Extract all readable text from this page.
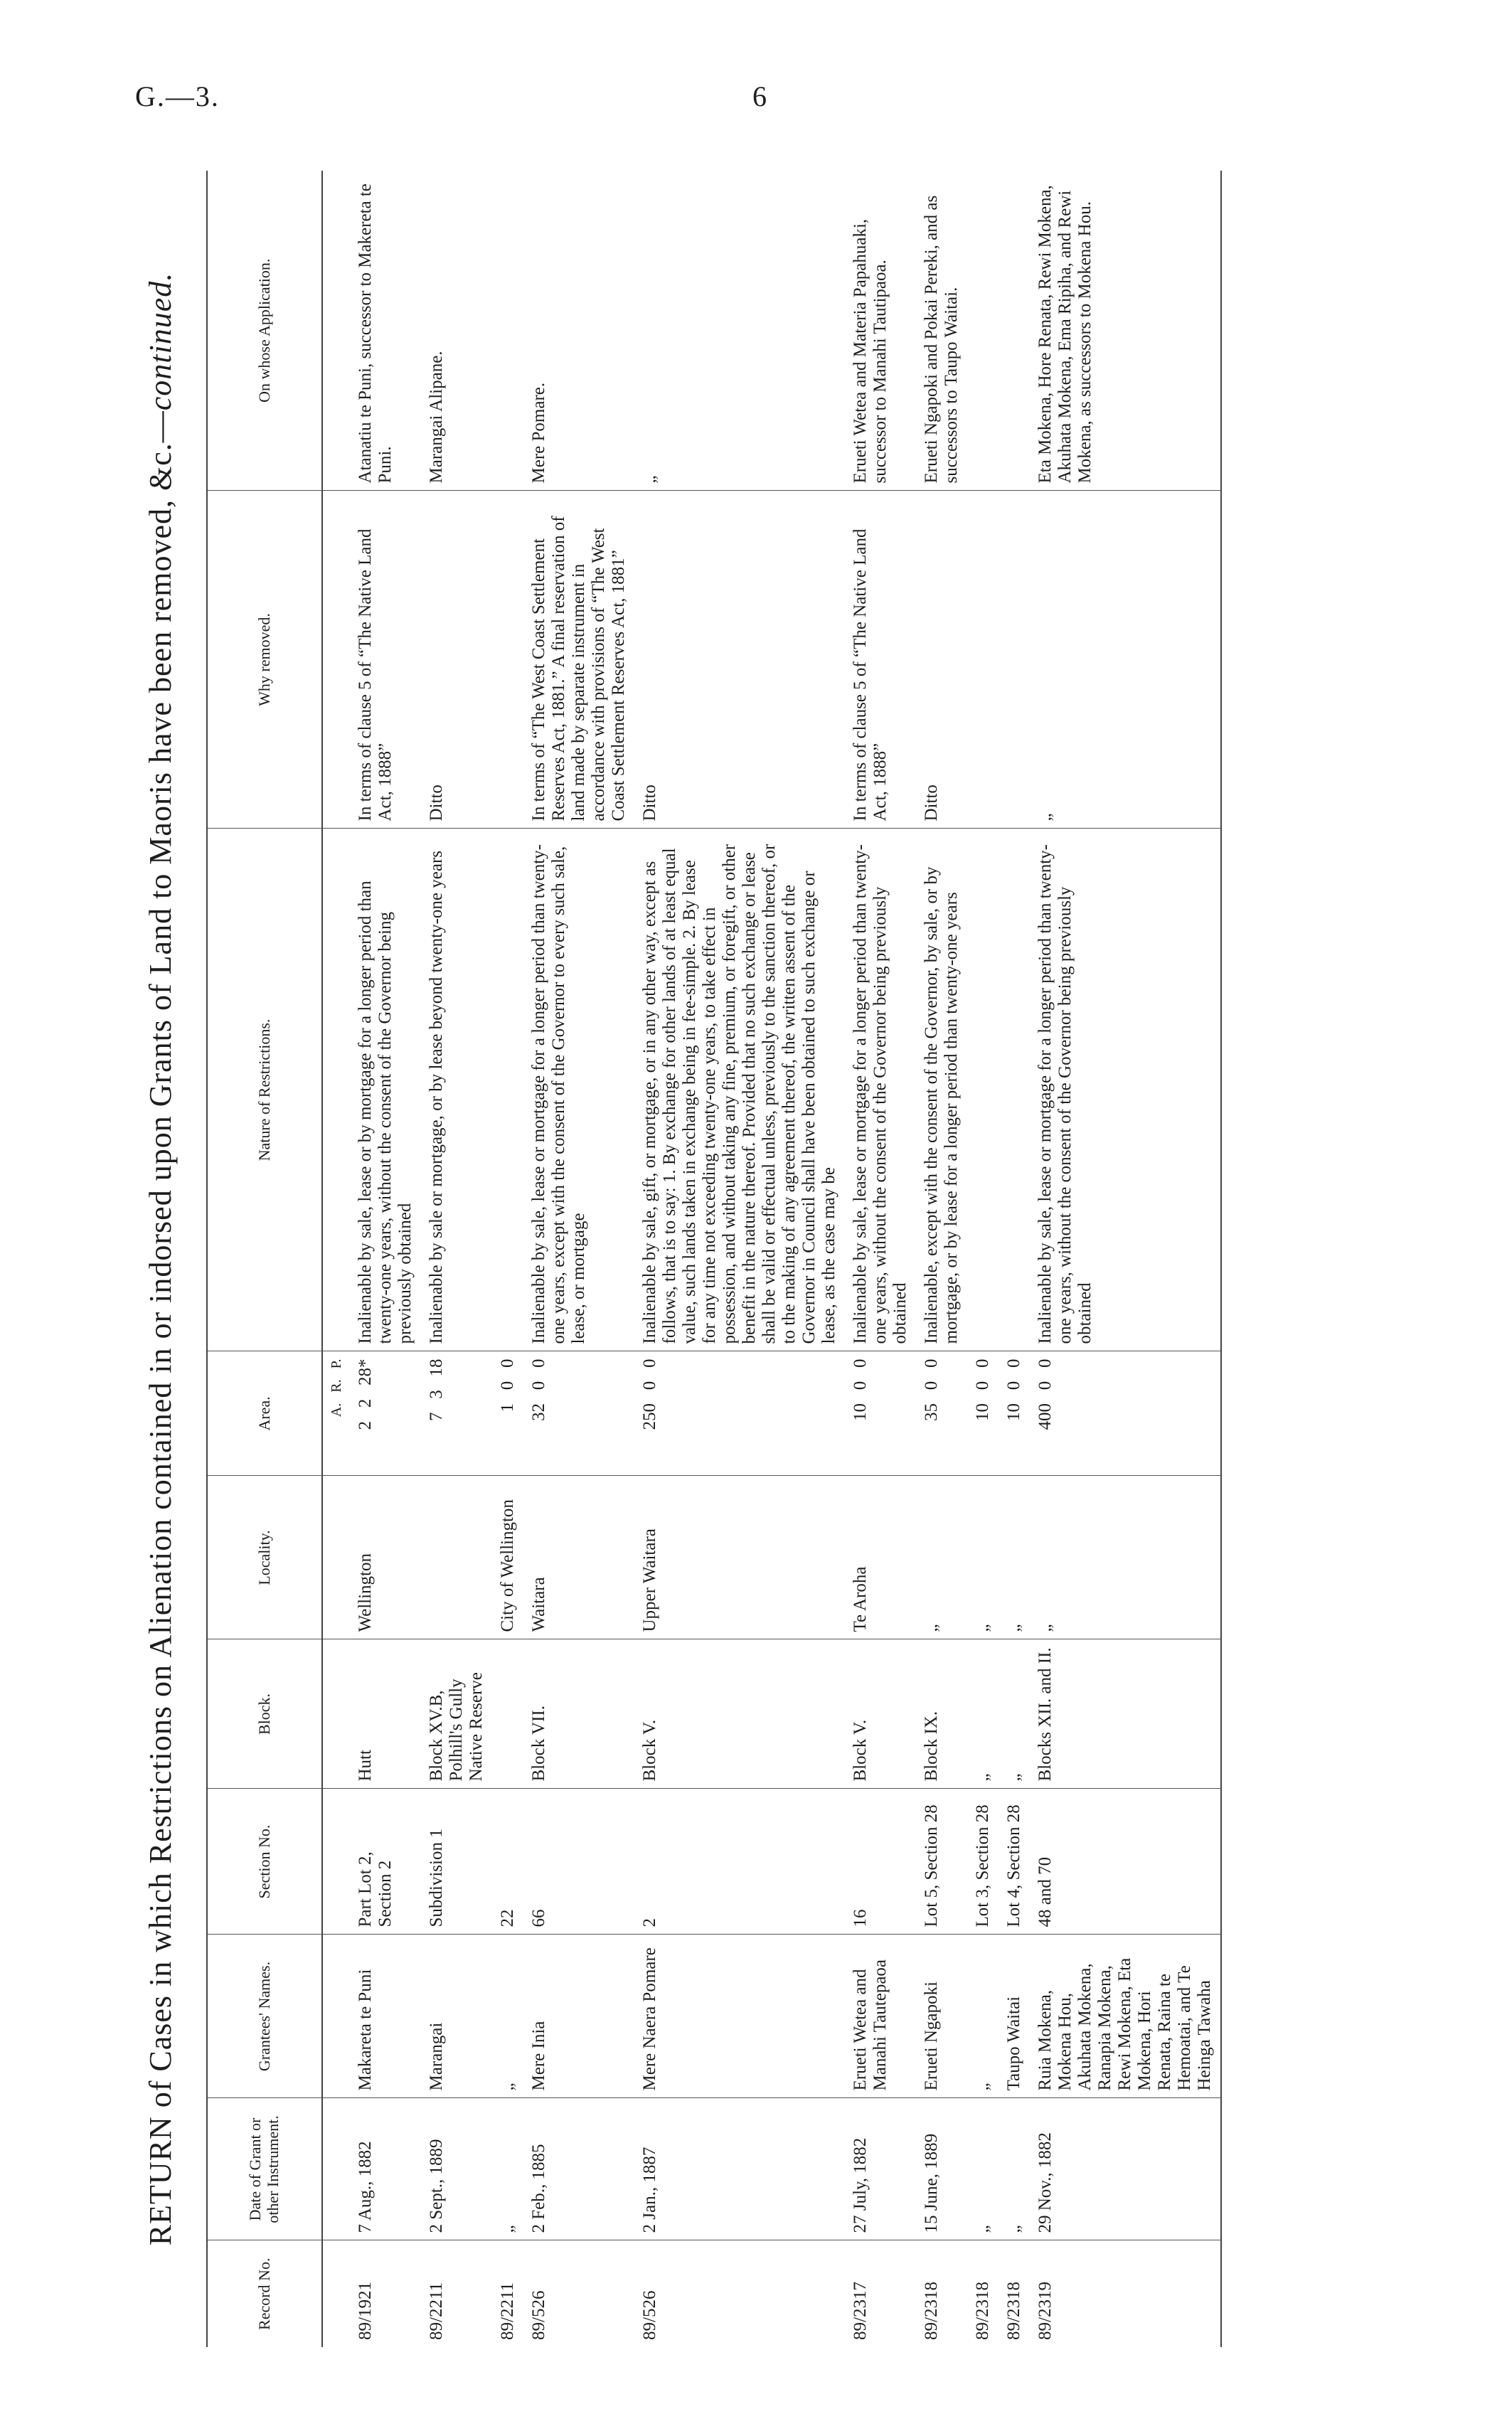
G.—3.	6
RETURN of Cases in which Restrictions on Alienation contained in or indorsed upon Grants of Land to Maoris have been removed, &c.—continued.
Record No.	Date of Grant or other Instrument.	Grantees' Names.	Section No.	Block.	Locality.	Area.	Nature of Restrictions.	Why removed.	On whose Application.
						A.   R.   P.			
89/1921	7 Aug., 1882	Makareta te Puni	Part Lot 2, Section 2	Hutt	Wellington	2   2   28*	Inalienable by sale, lease or by mortgage for a longer period than twenty-one years, without the consent of the Governor being previously obtained	In terms of clause 5 of “The Native Land Act, 1888”	Atanatiu te Puni, successor to Makereta te Puni.
89/2211	2 Sept., 1889	Marangai	Subdivision 1	Block XV.B, Polhill's Gully Native Reserve		7   3   18	Inalienable by sale or mortgage, or by lease beyond twenty-one years	Ditto	Marangai Alipane.
89/2211	„	„	22		City of Wellington	1   0   0			
89/526	2 Feb., 1885	Mere Inia	66	Block VII.	Waitara	32   0   0	Inalienable by sale, lease or mortgage for a longer period than twenty-one years, except with the consent of the Governor to every such sale, lease, or mortgage	In terms of “The West Coast Settlement Reserves Act, 1881.” A final reservation of land made by separate instrument in accordance with provisions of “The West Coast Settlement Reserves Act, 1881”	Mere Pomare.
89/526	2 Jan., 1887	Mere Naera Pomare	2	Block V.	Upper Waitara	250   0   0	Inalienable by sale, gift, or mortgage, or in any other way, except as follows, that is to say: 1. By exchange for other lands of at least equal value, such lands taken in exchange being in fee-simple. 2. By lease for any time not exceeding twenty-one years, to take effect in possession, and without taking any fine, premium, or foregift, or other benefit in the nature thereof. Provided that no such exchange or lease shall be valid or effectual unless, previously to the sanction thereof, or to the making of any agreement thereof, the written assent of the Governor in Council shall have been obtained to such exchange or lease, as the case may be	Ditto	„
89/2317	27 July, 1882	Erueti Wetea and Manahi Tautepaoa	16	Block V.	Te Aroha	10   0   0	Inalienable by sale, lease or mortgage for a longer period than twenty-one years, without the consent of the Governor being previously obtained	In terms of clause 5 of “The Native Land Act, 1888”	Erueti Wetea and Materia Papahuaki, successor to Manahi Tautipaoa.
89/2318	15 June, 1889	Erueti Ngapoki	Lot 5, Section 28	Block IX.	„	35   0   0	Inalienable, except with the consent of the Governor, by sale, or by mortgage, or by lease for a longer period than twenty-one years	Ditto	Erueti Ngapoki and Pokai Pereki, and as successors to Taupo Waitai.
89/2318	„	„	Lot 3, Section 28	„	„	10   0   0			
89/2318	„	Taupo Waitai	Lot 4, Section 28	„	„	10   0   0			
89/2319	29 Nov., 1882	Ruia Mokena, Mokena Hou, Akuhata Mokena, Ranapia Mokena, Rewi Mokena, Eta Mokena, Hori Renata, Raina te Hemoatai, and Te Heinga Tawaha	48 and 70	Blocks XII. and II.	„	400   0   0	Inalienable by sale, lease or mortgage for a longer period than twenty-one years, without the consent of the Governor being previously obtained	„	Eta Mokena, Hore Renata, Rewi Mokena, Akuhata Mokena, Ema Ripiha, and Rewi Mokena, as successors to Mokena Hou.
